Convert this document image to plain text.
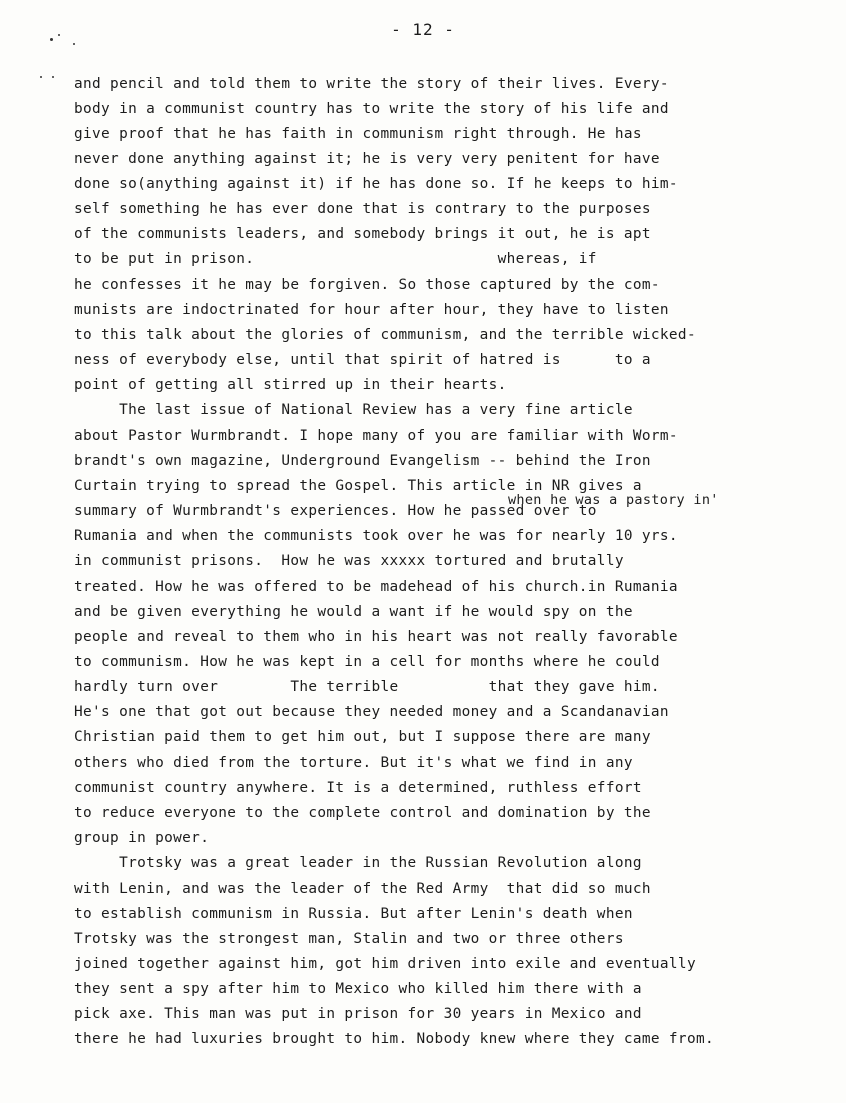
- 12 -
and pencil and told them to write the story of their lives. Every-
body in a communist country has to write the story of his life and
give proof that he has faith in communism right through. He has
never done anything against it; he is very very penitent for have
done so(anything against it) if he has done so. If he keeps to him-
self something he has ever done that is contrary to the purposes
of the communists leaders, and somebody brings it out, he is apt
to be put in prison.                           whereas, if
he confesses it he may be forgiven. So those captured by the com-
munists are indoctrinated for hour after hour, they have to listen
to this talk about the glories of communism, and the terrible wicked-
ness of everybody else, until that spirit of hatred is      to a
point of getting all stirred up in their hearts.
The last issue of National Review has a very fine article
about Pastor Wurmbrandt. I hope many of you are familiar with Worm-
brandt's own magazine, Underground Evangelism -- behind the Iron
Curtain trying to spread the Gospel. This article in NR gives a
summary of Wurmbrandt's experiences. How he passed over to
Rumania and when the communists took over he was for nearly 10 yrs.
in communist prisons.  How he was xxxxx tortured and brutally
treated. How he was offered to be madehead of his church.in Rumania
and be given everything he would a want if he would spy on the
people and reveal to them who in his heart was not really favorable
to communism. How he was kept in a cell for months where he could
hardly turn over        The terrible          that they gave him.
He's one that got out because they needed money and a Scandanavian
Christian paid them to get him out, but I suppose there are many
others who died from the torture. But it's what we find in any
communist country anywhere. It is a determined, ruthless effort
to reduce everyone to the complete control and domination by the
group in power.
Trotsky was a great leader in the Russian Revolution along
with Lenin, and was the leader of the Red Army  that did so much
to establish communism in Russia. But after Lenin's death when
Trotsky was the strongest man, Stalin and two or three others
joined together against him, got him driven into exile and eventually
they sent a spy after him to Mexico who killed him there with a
pick axe. This man was put in prison for 30 years in Mexico and
there he had luxuries brought to him. Nobody knew where they came from.
when he was a pastory in'
